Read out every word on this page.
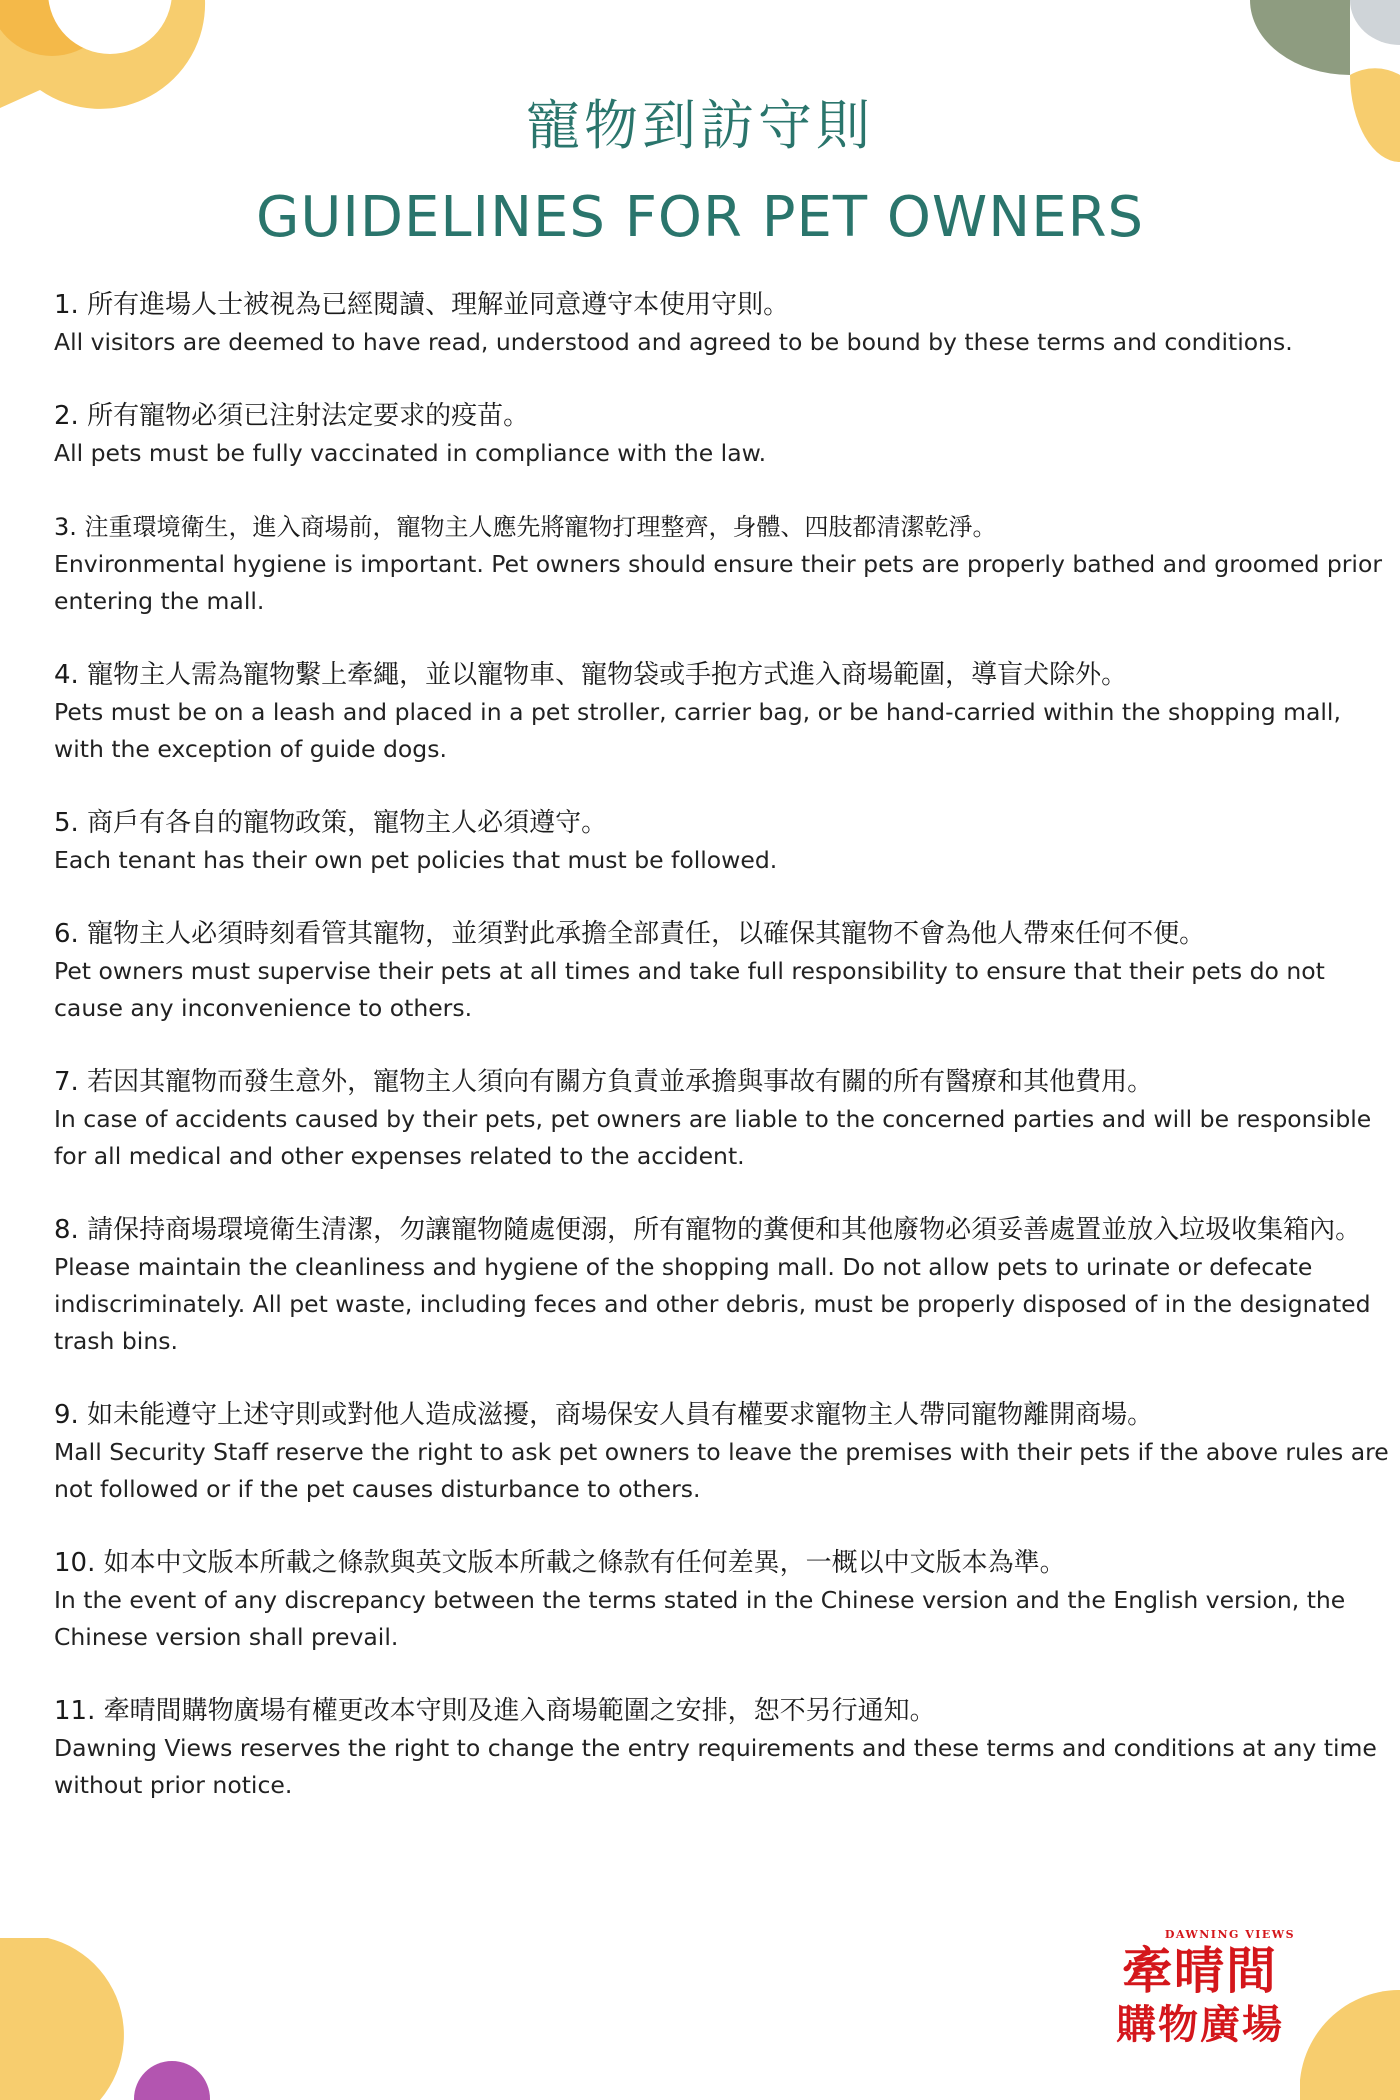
寵物到訪守則
GUIDELINES FOR PET OWNERS
1. 所有進場人士被視為已經閱讀、理解並同意遵守本使用守則。
All visitors are deemed to have read, understood and agreed to be bound by these terms and conditions.
2. 所有寵物必須已注射法定要求的疫苗。
All pets must be fully vaccinated in compliance with the law.
3. 注重環境衛生，進入商場前，寵物主人應先將寵物打理整齊，身體、四肢都清潔乾淨。
Environmental hygiene is important. Pet owners should ensure their pets are properly bathed and groomed prior entering the mall.
4. 寵物主人需為寵物繫上牽繩，並以寵物車、寵物袋或手抱方式進入商場範圍，導盲犬除外。
Pets must be on a leash and placed in a pet stroller, carrier bag, or be hand-carried within the shopping mall, with the exception of guide dogs.
5. 商戶有各自的寵物政策，寵物主人必須遵守。
Each tenant has their own pet policies that must be followed.
6. 寵物主人必須時刻看管其寵物，並須對此承擔全部責任，以確保其寵物不會為他人帶來任何不便。
Pet owners must supervise their pets at all times and take full responsibility to ensure that their pets do not cause any inconvenience to others.
7. 若因其寵物而發生意外，寵物主人須向有關方負責並承擔與事故有關的所有醫療和其他費用。
In case of accidents caused by their pets, pet owners are liable to the concerned parties and will be responsible for all medical and other expenses related to the accident.
8. 請保持商場環境衛生清潔，勿讓寵物隨處便溺，所有寵物的糞便和其他廢物必須妥善處置並放入垃圾收集箱內。
Please maintain the cleanliness and hygiene of the shopping mall. Do not allow pets to urinate or defecate indiscriminately. All pet waste, including feces and other debris, must be properly disposed of in the designated trash bins.
9. 如未能遵守上述守則或對他人造成滋擾，商場保安人員有權要求寵物主人帶同寵物離開商場。
Mall Security Staff reserve the right to ask pet owners to leave the premises with their pets if the above rules are not followed or if the pet causes disturbance to others.
10. 如本中文版本所載之條款與英文版本所載之條款有任何差異，一概以中文版本為準。
In the event of any discrepancy between the terms stated in the Chinese version and the English version, the Chinese version shall prevail.
11. 牽晴間購物廣場有權更改本守則及進入商場範圍之安排，恕不另行通知。
Dawning Views reserves the right to change the entry requirements and these terms and conditions at any time without prior notice.
DAWNING VIEWS
牽晴間
購物廣場
